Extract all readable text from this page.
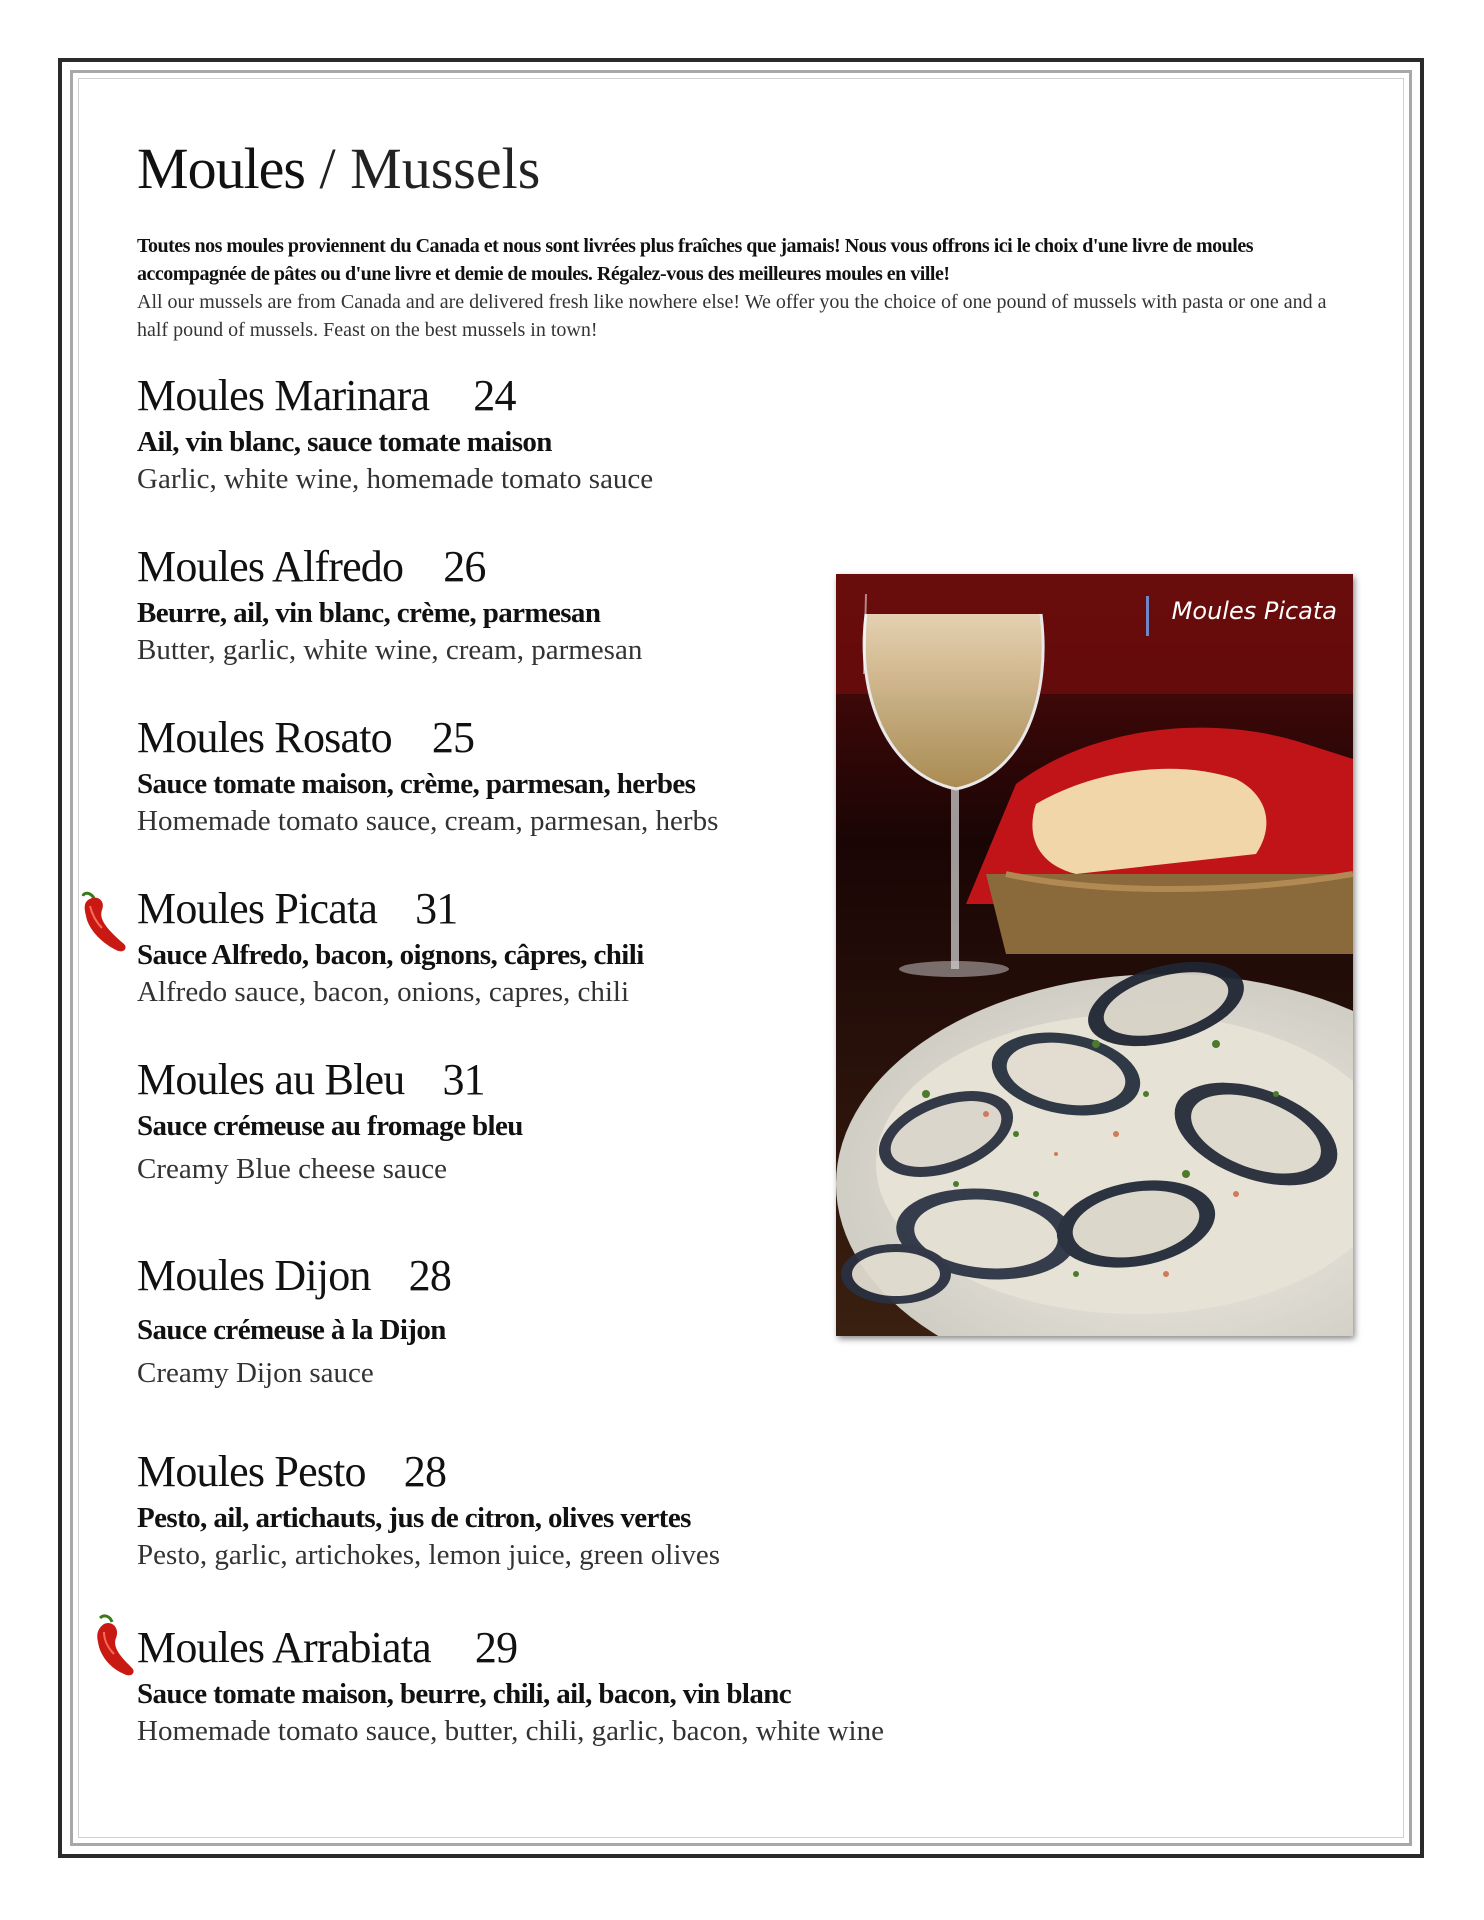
Moules / Mussels
Toutes nos moules proviennent du Canada et nous sont livrées plus fraîches que jamais! Nous vous offrons ici le choix d'une livre de moules accompagnée de pâtes ou d'une livre et demie de moules. Régalez-vous des meilleures moules en ville!
All our mussels are from Canada and are delivered fresh like nowhere else! We offer you the choice of one pound of mussels with pasta or one and a half pound of mussels. Feast on the best mussels in town!
Moules Marinara 24
Ail, vin blanc, sauce tomate maison
Garlic, white wine, homemade tomato sauce
Moules Alfredo 26
Beurre, ail, vin blanc, crème, parmesan
Butter, garlic, white wine, cream, parmesan
Moules Rosato 25
Sauce tomate maison, crème, parmesan, herbes
Homemade tomato sauce, cream, parmesan, herbs
Moules Picata 31
Sauce Alfredo, bacon, oignons, câpres, chili
Alfredo sauce, bacon, onions, capres, chili
Moules au Bleu 31
Sauce crémeuse au fromage bleu
Creamy Blue cheese sauce
Moules Dijon 28
Sauce crémeuse à la Dijon
Creamy Dijon sauce
Moules Pesto 28
Pesto, ail, artichauts, jus de citron, olives vertes
Pesto, garlic, artichokes, lemon juice, green olives
Moules Arrabiata 29
Sauce tomate maison, beurre, chili, ail, bacon, vin blanc
Homemade tomato sauce, butter, chili, garlic, bacon, white wine
Moules Picata
